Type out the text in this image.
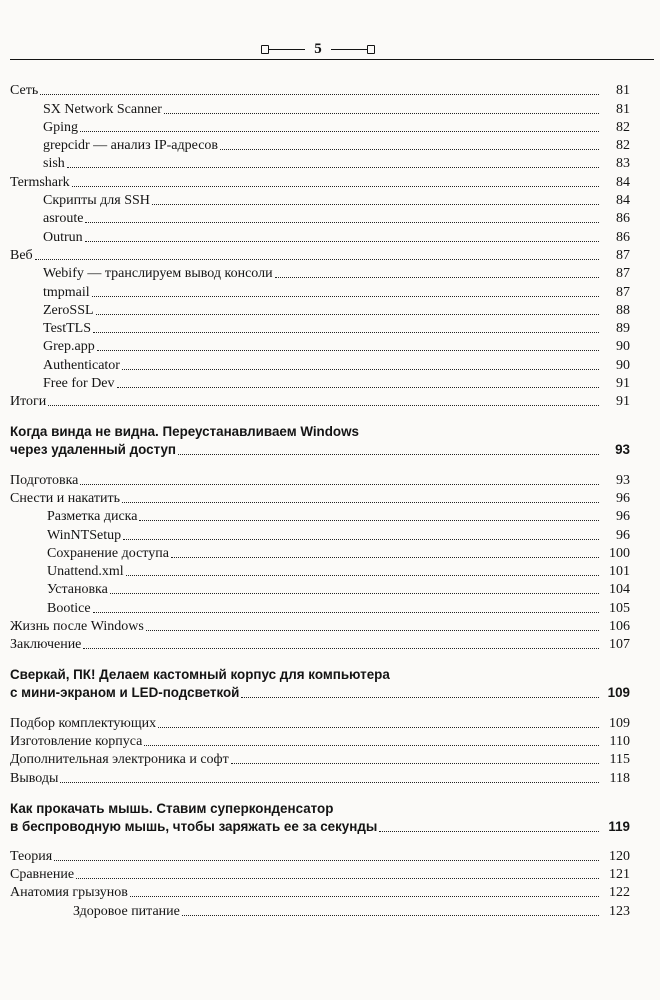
5
Сеть	81
SX Network Scanner	81
Gping	82
grepcidr — анализ IP-адресов	82
sish	83
Termshark	84
Скрипты для SSH	84
asroute	86
Outrun	86
Веб	87
Webify — транслируем вывод консоли	87
tmpmail	87
ZeroSSL	88
TestTLS	89
Grep.app	90
Authenticator	90
Free for Dev	91
Итоги	91
Когда винда не видна. Переустанавливаем Windows
через удаленный доступ	93
Подготовка	93
Снести и накатить	96
Разметка диска	96
WinNTSetup	96
Сохранение доступа	100
Unattend.xml	101
Установка	104
Bootice	105
Жизнь после Windows	106
Заключение	107
Сверкай, ПК! Делаем кастомный корпус для компьютера
с мини-экраном и LED-подсветкой	109
Подбор комплектующих	109
Изготовление корпуса	110
Дополнительная электроника и софт	115
Выводы	118
Как прокачать мышь. Ставим суперконденсатор
в беспроводную мышь, чтобы заряжать ее за секунды	119
Теория	120
Сравнение	121
Анатомия грызунов	122
Здоровое питание	123
